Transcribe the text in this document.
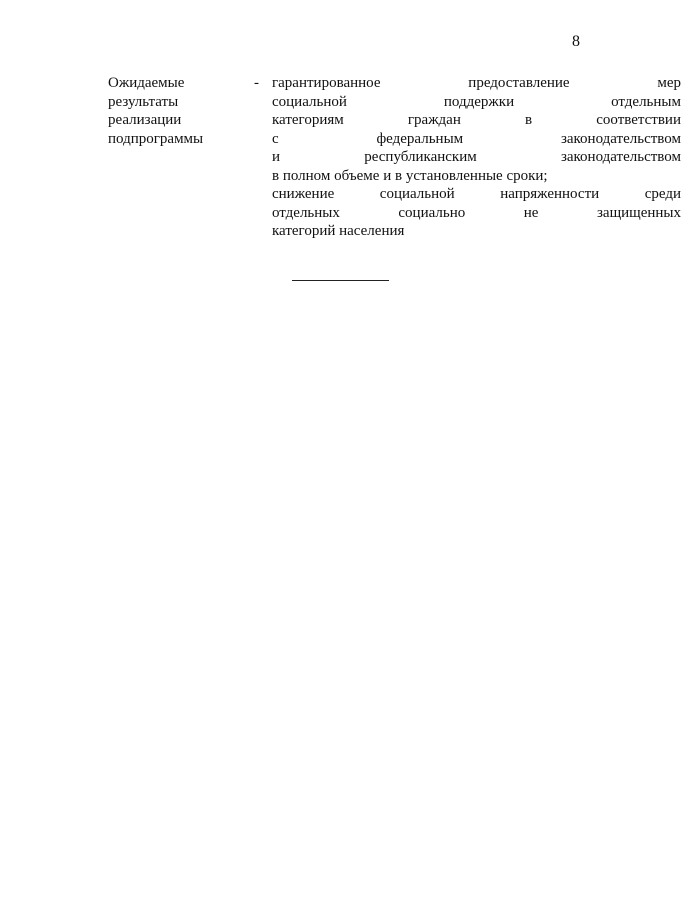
8
Ожидаемые
результаты
реализации
подпрограммы
- гарантированное предоставление мер
социальной поддержки отдельным
категориям граждан в соответствии
с федеральным законодательством
и республиканским законодательством
в полном объеме и в установленные сроки;
снижение социальной напряженности среди
отдельных социально не защищенных
категорий населения
